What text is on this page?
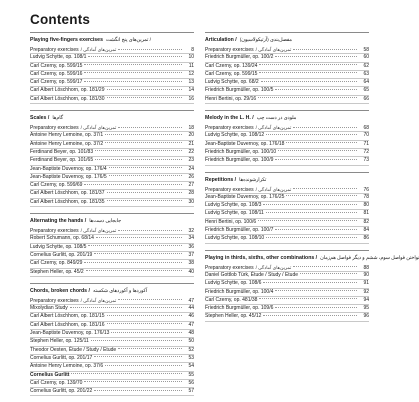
Contents
Playing five-fingers exercises تمرین‌های پنج انگشت /
Preparatory exercises / تمرین‌های آمادگی	8
Ludvig Schytte, op. 108/1	10
Carl Czerny, op. 599/15	11
Carl Czerny, op. 599/16	12
Carl Czerny, op. 599/17	13
Carl Albert Löschhorn, op. 181/29	14
Carl Albert Löschhorn, op. 181/30	16
Scales / گام‌ها
Preparatory exercises / تمرین‌های آمادگی	18
Antoine Henry Lemoine, op. 37/1	20
Antoine Henry Lemoine, op. 37/2	21
Ferdinand Beyer, op. 101/83	22
Ferdinand Beyer, op. 101/65	23
Jean-Baptiste Duvernoy, op. 176/4	24
Jean-Baptiste Duvernoy, op. 176/5	26
Carl Czerny, op. 599/69	27
Carl Albert Löschhorn, op. 181/37	28
Carl Albert Löschhorn, op. 181/35	30
Alternating the hands / جابجایی دست‌ها
Preparatory exercises / تمرین‌های آمادگی	32
Robert Schumann, op. 68/14	34
Ludvig Schytte, op. 108/5	36
Cornelius Gurlitt, op. 201/19	37
Carl Czerny, op. 849/29	38
Stephen Heller, op. 45/2	40
Chords, broken chords / آکوردها و آکوردهای شکسته
Preparatory exercises / تمرین‌های آمادگی	47
Mixolydian Study	44
Carl Albert Löschhorn, op. 181/15	46
Carl Albert Löschhorn, op. 181/16	47
Jean-Baptiste Duvernoy, op. 176/13	48
Stephen Heller, op. 125/11	50
Theodor Oesten, Étude / Study / Etude	52
Cornelius Gurlitt, op. 201/17	53
Antoine Henry Lemoine, op. 37/6	54
Cornelius Gurlitt	55
Carl Czerny, op. 139/70	56
Cornelius Gurlitt, op. 201/22	57
Articulation / مفصل‌بندی (آرتیکولاسیون)
Preparatory exercises / تمرین‌های آمادگی	58
Friedrich Burgmüller, op. 100/2	60
Carl Czerny, op. 139/24	62
Carl Czerny, op. 599/15	63
Ludvig Schytte, op. 68/2	64
Friedrich Burgmüller, op. 100/5	65
Henri Bertini, op. 29/16	66
Melody in the L. H. / ملودی در دست چپ
Preparatory exercises / تمرین‌های آمادگی	68
Ludvig Schytte, op. 108/12	70
Jean-Baptiste Duvernoy, op. 176/18	71
Friedrich Burgmüller, op. 100/10	72
Friedrich Burgmüller, op. 100/9	73
Repetitions / تکرارشونده‌ها
Preparatory exercises / تمرین‌های آمادگی	76
Jean-Baptiste Duvernoy, op. 176/25	78
Ludvig Schytte, op. 108/3	80
Ludvig Schytte, op. 108/11	81
Henri Bertini, op. 100/6	82
Friedrich Burgmüller, op. 100/7	84
Ludvig Schytte, op. 108/10	86
Playing in thirds, sixths, other combinations / نواختن فواصل سوم، ششم و دیگر فواصل هم‌زمان
Preparatory exercises / تمرین‌های آمادگی	88
Daniel Gottlob Türk, Étude / Study / Etude	90
Ludvig Schytte, op. 108/6	91
Friedrich Burgmüller, op. 100/4	92
Carl Czerny, op. 481/38	94
Friedrich Burgmüller, op. 109/6	95
Stephen Heller, op. 45/12	96
